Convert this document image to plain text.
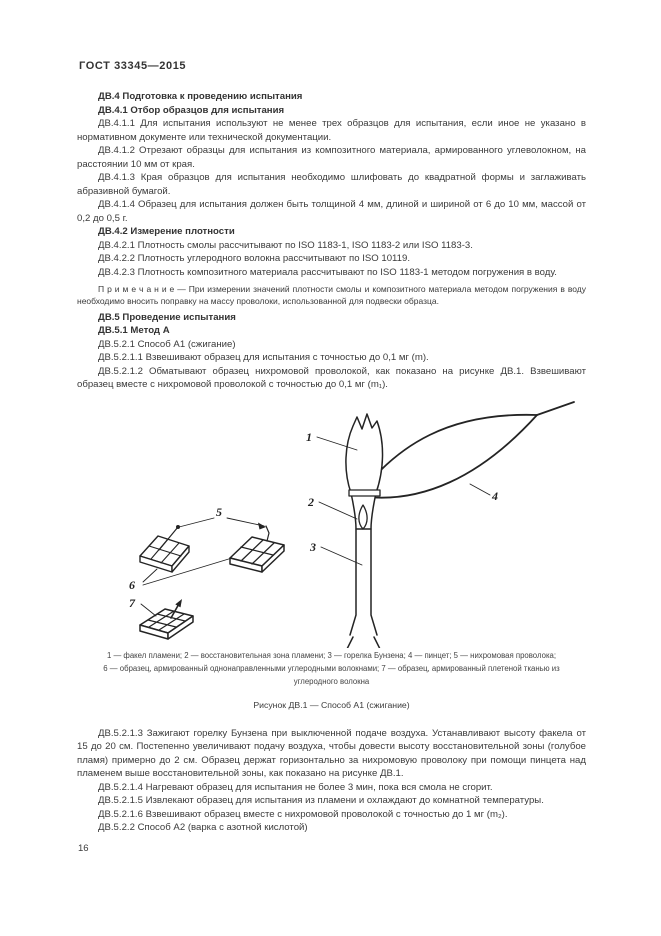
ГОСТ 33345—2015

ДВ.4 Подготовка к проведению испытания

ДВ.4.1 Отбор образцов для испытания

ДВ.4.1.1 Для испытания используют не менее трех образцов для испытания, если иное не указано в нормативном документе или технической документации.

ДВ.4.1.2 Отрезают образцы для испытания из композитного материала, армированного углеволокном, на расстоянии 10 мм от края.

ДВ.4.1.3 Края образцов для испытания необходимо шлифовать до квадратной формы и заглаживать абразивной бумагой.

ДВ.4.1.4 Образец для испытания должен быть толщиной 4 мм, длиной и шириной от 6 до 10 мм, массой от 0,2 до 0,5 г.

ДВ.4.2 Измерение плотности

ДВ.4.2.1 Плотность смолы рассчитывают по ISO 1183-1, ISO 1183-2 или ISO 1183-3.

ДВ.4.2.2 Плотность углеродного волокна рассчитывают по ISO 10119.

ДВ.4.2.3 Плотность композитного материала рассчитывают по ISO 1183-1 методом погружения в воду.

П р и м е ч а н и е — При измерении значений плотности смолы и композитного материала методом погружения в воду необходимо вносить поправку на массу проволоки, использованной для подвески образца.

ДВ.5 Проведение испытания

ДВ.5.1 Метод А

ДВ.5.2.1 Способ А1 (сжигание)

ДВ.5.2.1.1 Взвешивают образец для испытания с точностью до 0,1 мг (m).

ДВ.5.2.1.2 Обматывают образец нихромовой проволокой, как показано на рисунке ДВ.1. Взвешивают образец вместе с нихромовой проволокой с точностью до 0,1 мг (m₁).

1
2
3
4
5
6
7

1 — факел пламени; 2 — восстановительная зона пламени; 3 — горелка Бунзена; 4 — пинцет; 5 — нихромовая проволока;

6 — образец, армированный однонаправленными углеродными волокнами; 7 — образец, армированный плетеной тканью из

углеродного волокна

Рисунок ДВ.1 — Способ А1 (сжигание)

ДВ.5.2.1.3 Зажигают горелку Бунзена при выключенной подаче воздуха. Устанавливают высоту факела от 15 до 20 см. Постепенно увеличивают подачу воздуха, чтобы довести высоту восстановительной зоны (голубое пламя) примерно до 2 см. Образец держат горизонтально за нихромовую проволоку при помощи пинцета над пламенем выше восстановительной зоны, как показано на рисунке ДВ.1.

ДВ.5.2.1.4 Нагревают образец для испытания не более 3 мин, пока вся смола не сгорит.

ДВ.5.2.1.5 Извлекают образец для испытания из пламени и охлаждают до комнатной температуры.

ДВ.5.2.1.6 Взвешивают образец вместе с нихромовой проволокой с точностью до 1 мг (m₂).

ДВ.5.2.2 Способ А2 (варка с азотной кислотой)

16
